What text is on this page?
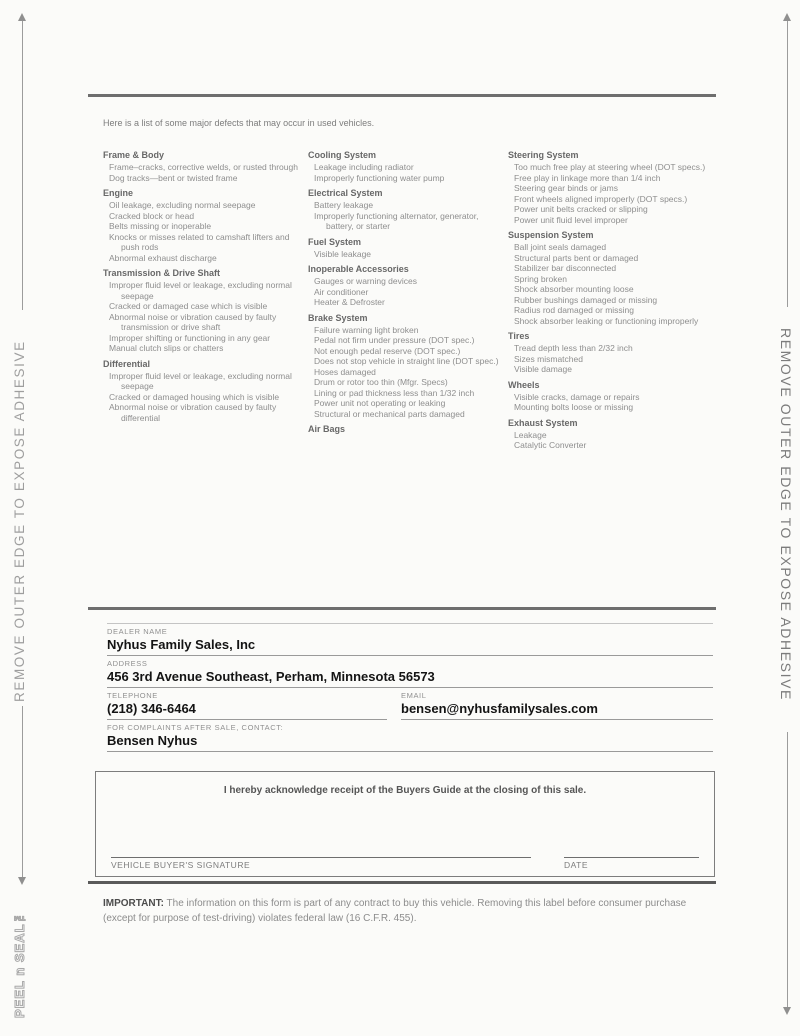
REMOVE OUTER EDGE TO EXPOSE ADHESIVE
PEEL n SEAL™
REMOVE OUTER EDGE TO EXPOSE ADHESIVE
Here is a list of some major defects that may occur in used vehicles.
Frame & Body
Frame–cracks, corrective welds, or rusted through
Dog tracks—bent or twisted frame
Engine
Oil leakage, excluding normal seepage
Cracked block or head
Belts missing or inoperable
Knocks or misses related to camshaft lifters and push rods
Abnormal exhaust discharge
Transmission & Drive Shaft
Improper fluid level or leakage, excluding normal seepage
Cracked or damaged case which is visible
Abnormal noise or vibration caused by faulty transmission or drive shaft
Improper shifting or functioning in any gear
Manual clutch slips or chatters
Differential
Improper fluid level or leakage, excluding normal seepage
Cracked or damaged housing which is visible
Abnormal noise or vibration caused by faulty differential
Cooling System
Leakage including radiator
Improperly functioning water pump
Electrical System
Battery leakage
Improperly functioning alternator, generator, battery, or starter
Fuel System
Visible leakage
Inoperable Accessories
Gauges or warning devices
Air conditioner
Heater & Defroster
Brake System
Failure warning light broken
Pedal not firm under pressure (DOT spec.)
Not enough pedal reserve (DOT spec.)
Does not stop vehicle in straight line (DOT spec.)
Hoses damaged
Drum or rotor too thin (Mfgr. Specs)
Lining or pad thickness less than 1/32 inch
Power unit not operating or leaking
Structural or mechanical parts damaged
Air Bags
Steering System
Too much free play at steering wheel (DOT specs.)
Free play in linkage more than 1/4 inch
Steering gear binds or jams
Front wheels aligned improperly (DOT specs.)
Power unit belts cracked or slipping
Power unit fluid level improper
Suspension System
Ball joint seals damaged
Structural parts bent or damaged
Stabilizer bar disconnected
Spring broken
Shock absorber mounting loose
Rubber bushings damaged or missing
Radius rod damaged or missing
Shock absorber leaking or functioning improperly
Tires
Tread depth less than 2/32 inch
Sizes mismatched
Visible damage
Wheels
Visible cracks, damage or repairs
Mounting bolts loose or missing
Exhaust System
Leakage
Catalytic Converter
DEALER NAME
Nyhus Family Sales, Inc
ADDRESS
456 3rd Avenue Southeast, Perham, Minnesota 56573
TELEPHONE
(218) 346-6464
EMAIL
bensen@nyhusfamilysales.com
FOR COMPLAINTS AFTER SALE, CONTACT:
Bensen Nyhus
I hereby acknowledge receipt of the Buyers Guide at the closing of this sale.
VEHICLE BUYER'S SIGNATURE	DATE
IMPORTANT: The information on this form is part of any contract to buy this vehicle. Removing this label before consumer purchase (except for purpose of test-driving) violates federal law (16 C.F.R. 455).
